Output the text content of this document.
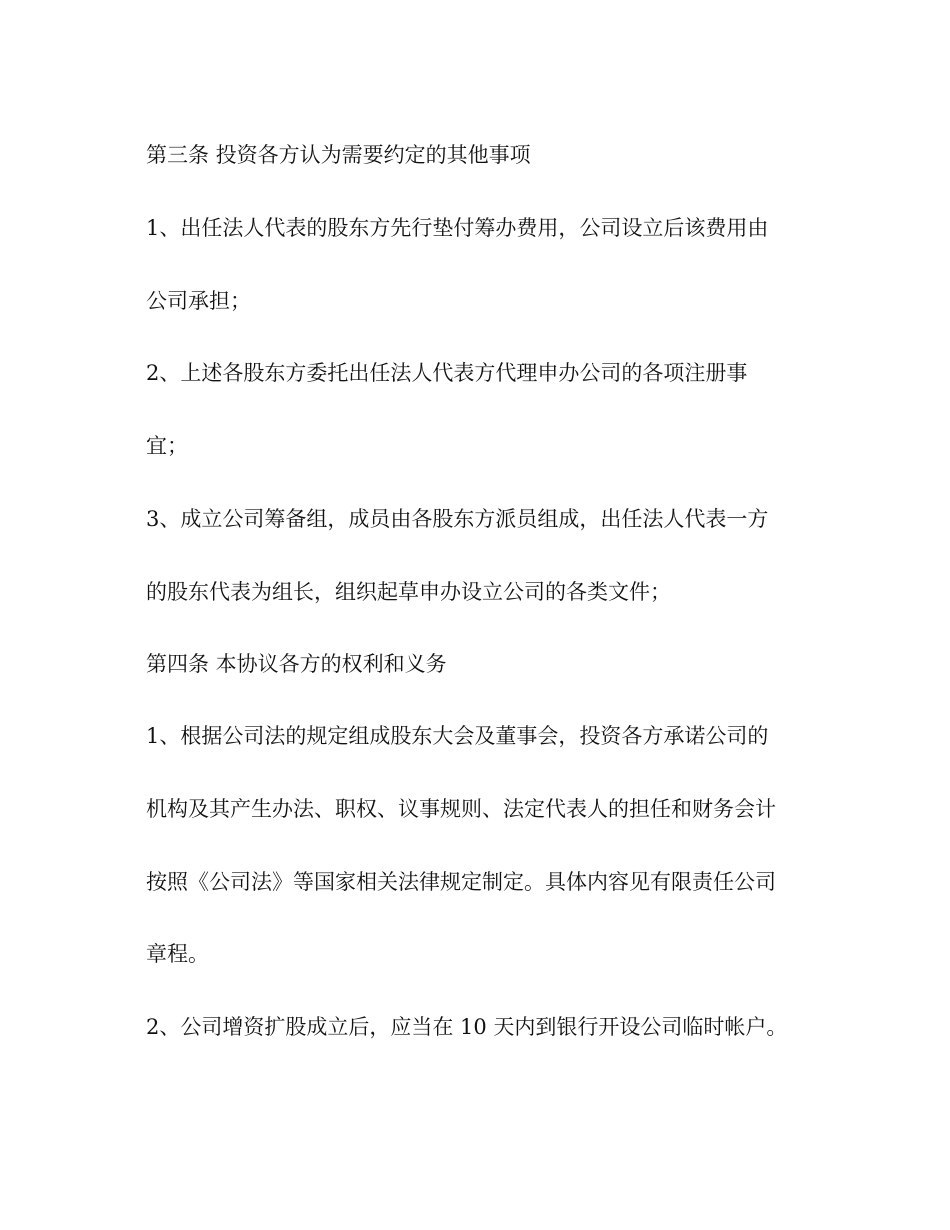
第三条 投资各方认为需要约定的其他事项

1、出任法人代表的股东方先行垫付筹办费用，公司设立后该费用由

公司承担；

2、上述各股东方委托出任法人代表方代理申办公司的各项注册事

宜；

3、成立公司筹备组，成员由各股东方派员组成，出任法人代表一方

的股东代表为组长，组织起草申办设立公司的各类文件；

第四条 本协议各方的权利和义务

1、根据公司法的规定组成股东大会及董事会，投资各方承诺公司的

机构及其产生办法、职权、议事规则、法定代表人的担任和财务会计

按照《公司法》等国家相关法律规定制定。具体内容见有限责任公司

章程。

2、公司增资扩股成立后，应当在 10 天内到银行开设公司临时帐户。
